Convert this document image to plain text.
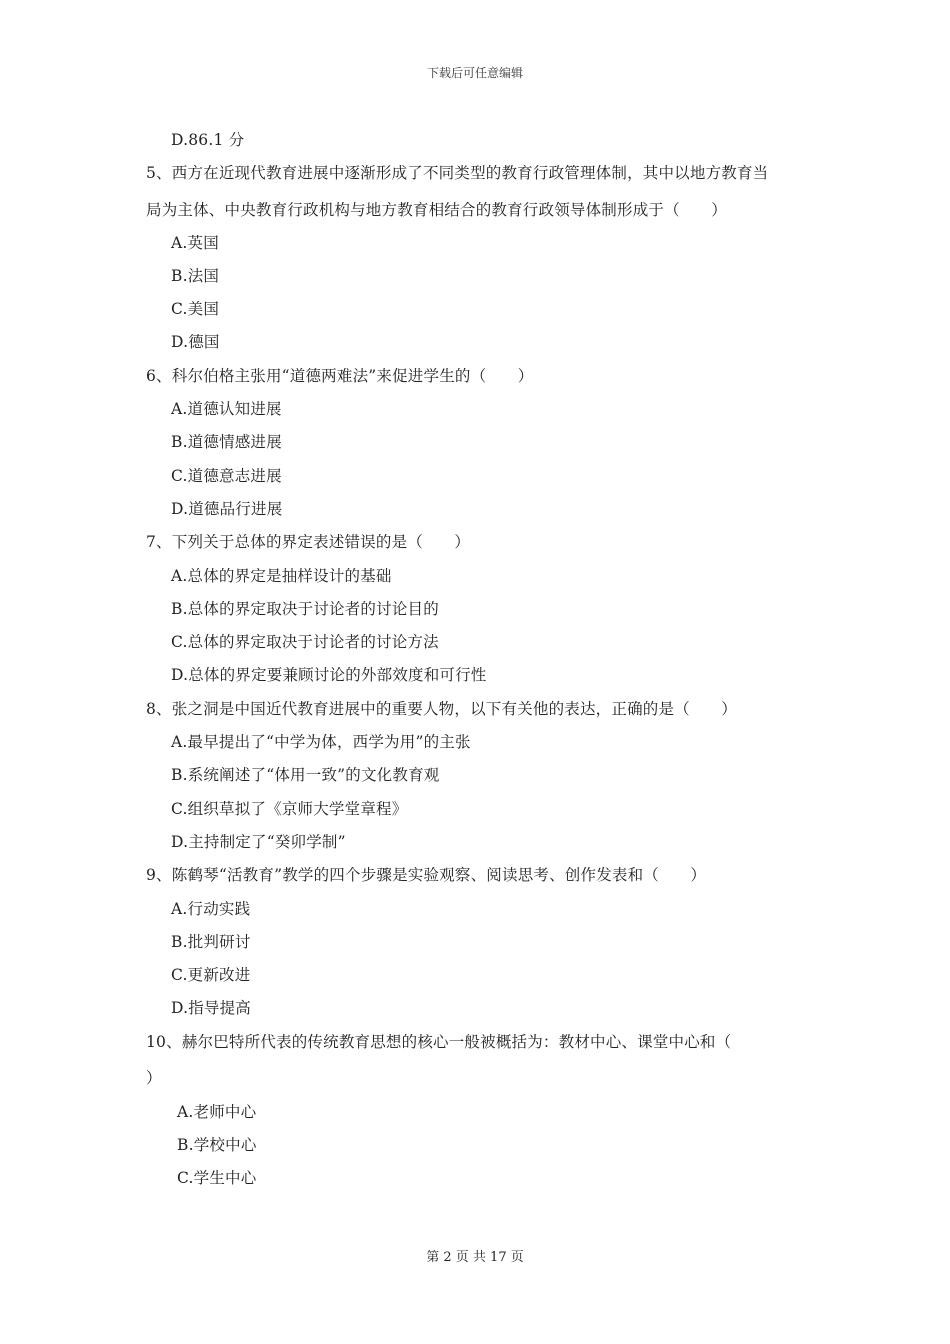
下载后可任意编辑
D.86.1 分
5、西方在近现代教育进展中逐渐形成了不同类型的教育行政管理体制，其中以地方教育当
局为主体、中央教育行政机构与地方教育相结合的教育行政领导体制形成于（　　）
A.英国
B.法国
C.美国
D.德国
6、科尔伯格主张用“道德两难法”来促进学生的（　　）
A.道德认知进展
B.道德情感进展
C.道德意志进展
D.道德品行进展
7、下列关于总体的界定表述错误的是（　　）
A.总体的界定是抽样设计的基础
B.总体的界定取决于讨论者的讨论目的
C.总体的界定取决于讨论者的讨论方法
D.总体的界定要兼顾讨论的外部效度和可行性
8、张之洞是中国近代教育进展中的重要人物，以下有关他的表达，正确的是（　　）
A.最早提出了“中学为体，西学为用”的主张
B.系统阐述了“体用一致”的文化教育观
C.组织草拟了《京师大学堂章程》
D.主持制定了“癸卯学制”
9、陈鹤琴“活教育”教学的四个步骤是实验观察、阅读思考、创作发表和（　　）
A.行动实践
B.批判研讨
C.更新改进
D.指导提高
10、赫尔巴特所代表的传统教育思想的核心一般被概括为：教材中心、课堂中心和（
）
A.老师中心
B.学校中心
C.学生中心
第 2 页 共 17 页
